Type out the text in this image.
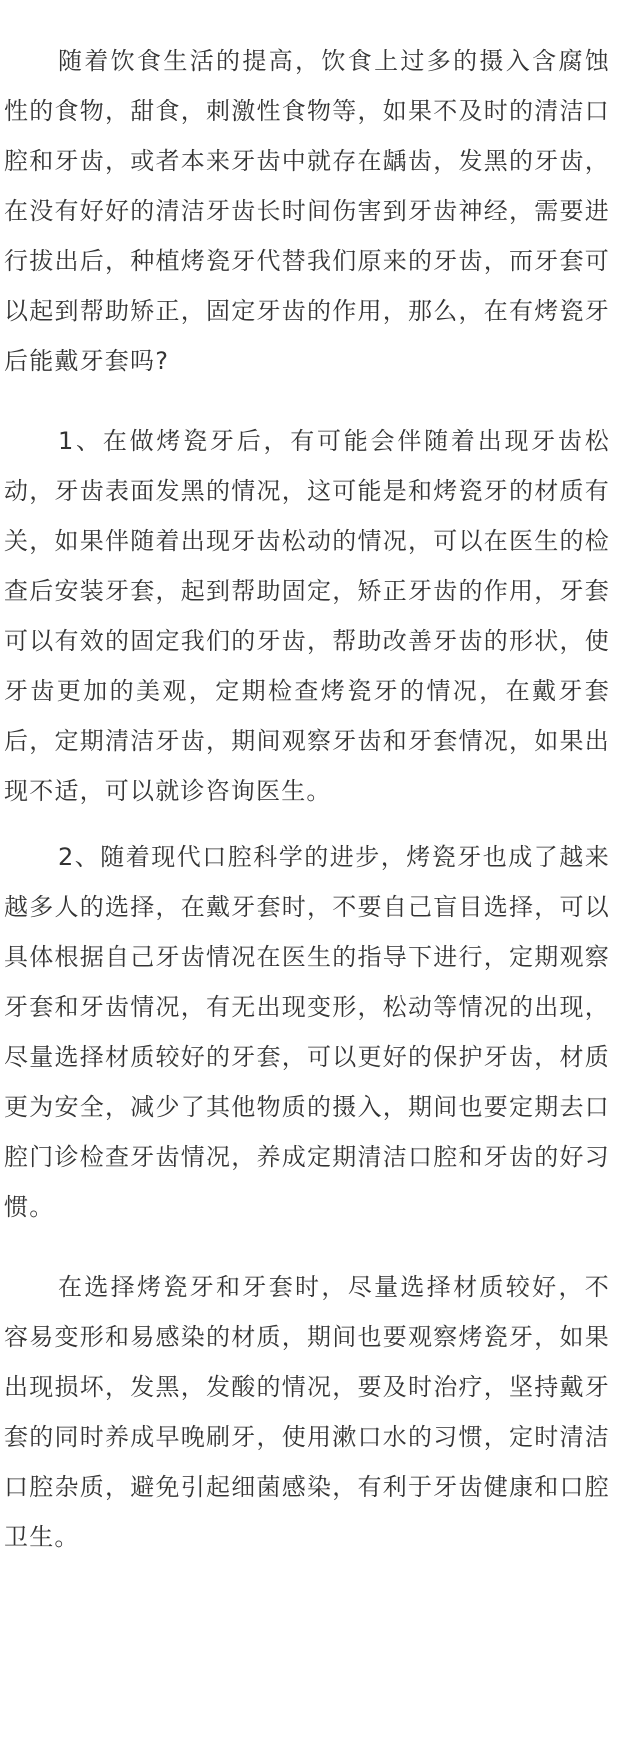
随着饮食生活的提高，饮食上过多的摄入含腐蚀性的食物，甜食，刺激性食物等，如果不及时的清洁口腔和牙齿，或者本来牙齿中就存在龋齿，发黑的牙齿，在没有好好的清洁牙齿长时间伤害到牙齿神经，需要进行拔出后，种植烤瓷牙代替我们原来的牙齿，而牙套可以起到帮助矫正，固定牙齿的作用，那么，在有烤瓷牙后能戴牙套吗?

1、在做烤瓷牙后，有可能会伴随着出现牙齿松动，牙齿表面发黑的情况，这可能是和烤瓷牙的材质有关，如果伴随着出现牙齿松动的情况，可以在医生的检查后安装牙套，起到帮助固定，矫正牙齿的作用，牙套可以有效的固定我们的牙齿，帮助改善牙齿的形状，使牙齿更加的美观，定期检查烤瓷牙的情况，在戴牙套后，定期清洁牙齿，期间观察牙齿和牙套情况，如果出现不适，可以就诊咨询医生。

2、随着现代口腔科学的进步，烤瓷牙也成了越来越多人的选择，在戴牙套时，不要自己盲目选择，可以具体根据自己牙齿情况在医生的指导下进行，定期观察牙套和牙齿情况，有无出现变形，松动等情况的出现，尽量选择材质较好的牙套，可以更好的保护牙齿，材质更为安全，减少了其他物质的摄入，期间也要定期去口腔门诊检查牙齿情况，养成定期清洁口腔和牙齿的好习惯。

在选择烤瓷牙和牙套时，尽量选择材质较好，不容易变形和易感染的材质，期间也要观察烤瓷牙，如果出现损坏，发黑，发酸的情况，要及时治疗，坚持戴牙套的同时养成早晚刷牙，使用漱口水的习惯，定时清洁口腔杂质，避免引起细菌感染，有利于牙齿健康和口腔卫生。
